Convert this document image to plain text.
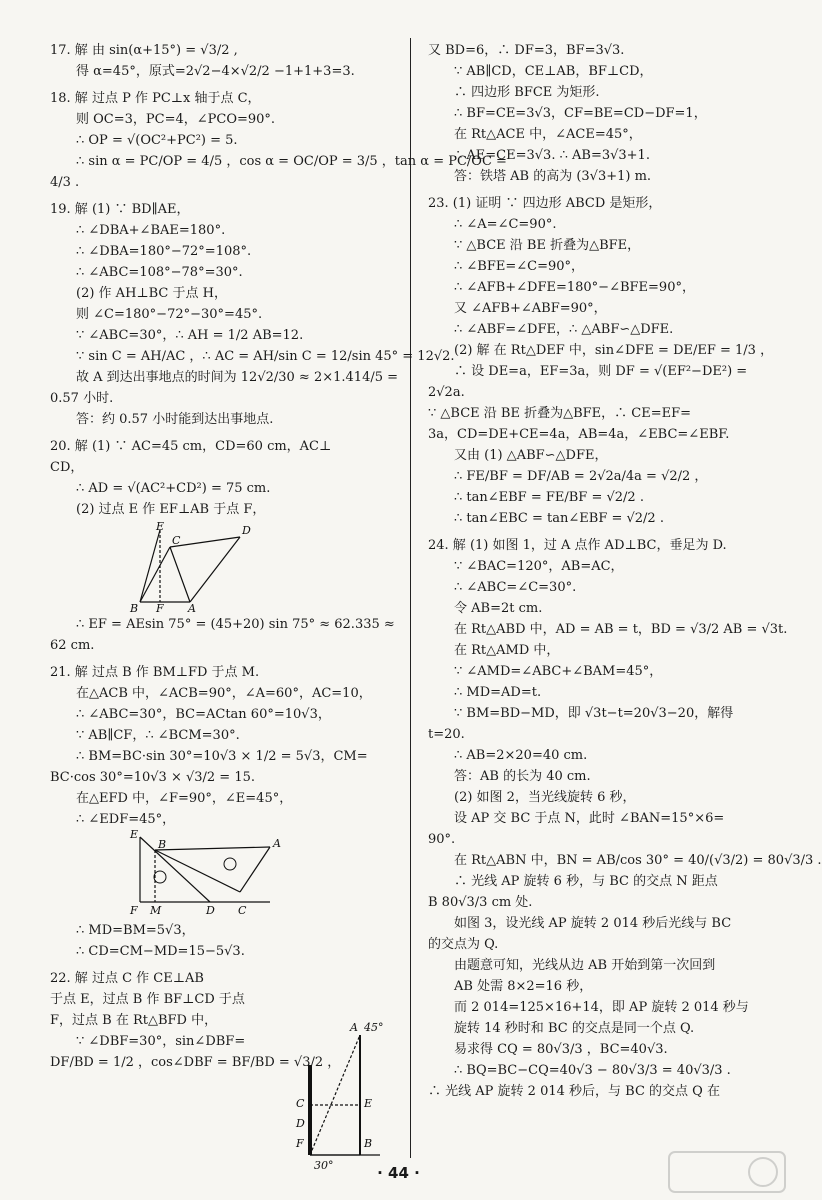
17. 解 由 sin(α+15°) = √3/2 ,
得 α=45°，原式=2√2−4×√2/2 −1+1+3=3.
18. 解 过点 P 作 PC⊥x 轴于点 C，
则 OC=3，PC=4，∠PCO=90°.
∴ OP = √(OC²+PC²) = 5.
∴ sin α = PC/OP = 4/5 ，cos α = OC/OP = 3/5 ，tan α = PC/OC =
4/3 .
19. 解 (1) ∵ BD∥AE，
∴ ∠DBA+∠BAE=180°.
∴ ∠DBA=180°−72°=108°.
∴ ∠ABC=108°−78°=30°.
(2) 作 AH⊥BC 于点 H，
则 ∠C=180°−72°−30°=45°.
∵ ∠ABC=30°，∴ AH = 1/2 AB=12.
∵ sin C = AH/AC ，∴ AC = AH/sin C = 12/sin 45° = 12√2.
故 A 到达出事地点的时间为 12√2/30 ≈ 2×1.414/5 =
0.57 小时.
答：约 0.57 小时能到达出事地点.
20. 解 (1) ∵ AC=45 cm，CD=60 cm，AC⊥
CD，
∴ AD = √(AC²+CD²) = 75 cm.
(2) 过点 E 作 EF⊥AB 于点 F，
E
C
D
B F A
∴ EF = AEsin 75° = (45+20) sin 75° ≈ 62.335 ≈
62 cm.
21. 解 过点 B 作 BM⊥FD 于点 M.
在△ACB 中，∠ACB=90°，∠A=60°，AC=10，
∴ ∠ABC=30°，BC=ACtan 60°=10√3，
∵ AB∥CF，∴ ∠BCM=30°.
∴ BM=BC·sin 30°=10√3 × 1/2 = 5√3，CM=
BC·cos 30°=10√3 × √3/2 = 15.
在△EFD 中，∠F=90°，∠E=45°，
∴ ∠EDF=45°，
E
B	A
F M	D C
∴ MD=BM=5√3，
∴ CD=CM−MD=15−5√3.
22. 解 过点 C 作 CE⊥AB
于点 E，过点 B 作 BF⊥CD 于点
F，过点 B 在 Rt△BFD 中，
∵ ∠DBF=30°，sin∠DBF=
DF/BD = 1/2 ，cos∠DBF = BF/BD = √3/2 ，
A 45°
C	E
D
F	B
30°
又 BD=6，∴ DF=3，BF=3√3.
∵ AB∥CD，CE⊥AB，BF⊥CD，
∴ 四边形 BFCE 为矩形.
∴ BF=CE=3√3，CF=BE=CD−DF=1，
在 Rt△ACE 中，∠ACE=45°，
∴ AE=CE=3√3. ∴ AB=3√3+1.
答：铁塔 AB 的高为 (3√3+1) m.
23. (1) 证明 ∵ 四边形 ABCD 是矩形，
∴ ∠A=∠C=90°.
∵ △BCE 沿 BE 折叠为△BFE，
∴ ∠BFE=∠C=90°，
∴ ∠AFB+∠DFE=180°−∠BFE=90°，
又 ∠AFB+∠ABF=90°，
∴ ∠ABF=∠DFE，∴ △ABF∽△DFE.
(2) 解 在 Rt△DEF 中，sin∠DFE = DE/EF = 1/3 ，
∴ 设 DE=a，EF=3a，则 DF = √(EF²−DE²) =
2√2a.
∵ △BCE 沿 BE 折叠为△BFE，∴ CE=EF=
3a，CD=DE+CE=4a，AB=4a，∠EBC=∠EBF.
又由 (1) △ABF∽△DFE，
∴ FE/BF = DF/AB = 2√2a/4a = √2/2 ，
∴ tan∠EBF = FE/BF = √2/2 .
∴ tan∠EBC = tan∠EBF = √2/2 .
24. 解 (1) 如图 1，过 A 点作 AD⊥BC，垂足为 D.
∵ ∠BAC=120°，AB=AC，
∴ ∠ABC=∠C=30°.
令 AB=2t cm.
在 Rt△ABD 中，AD = AB = t，BD = √3/2 AB = √3t.
在 Rt△AMD 中，
∵ ∠AMD=∠ABC+∠BAM=45°，
∴ MD=AD=t.
∵ BM=BD−MD，即 √3t−t=20√3−20，解得
t=20.
∴ AB=2×20=40 cm.
答：AB 的长为 40 cm.
(2) 如图 2，当光线旋转 6 秒，
设 AP 交 BC 于点 N，此时 ∠BAN=15°×6=
90°.
在 Rt△ABN 中，BN = AB/cos 30° = 40/(√3/2) = 80√3/3 .
∴ 光线 AP 旋转 6 秒，与 BC 的交点 N 距点
B 80√3/3 cm 处.
如图 3，设光线 AP 旋转 2 014 秒后光线与 BC
的交点为 Q.
由题意可知，光线从边 AB 开始到第一次回到
AB 处需 8×2=16 秒，
而 2 014=125×16+14，即 AP 旋转 2 014 秒与
旋转 14 秒时和 BC 的交点是同一个点 Q.
易求得 CQ = 80√3/3 ，BC=40√3.
∴ BQ=BC−CQ=40√3 − 80√3/3 = 40√3/3 .
∴ 光线 AP 旋转 2 014 秒后，与 BC 的交点 Q 在
· 44 ·
